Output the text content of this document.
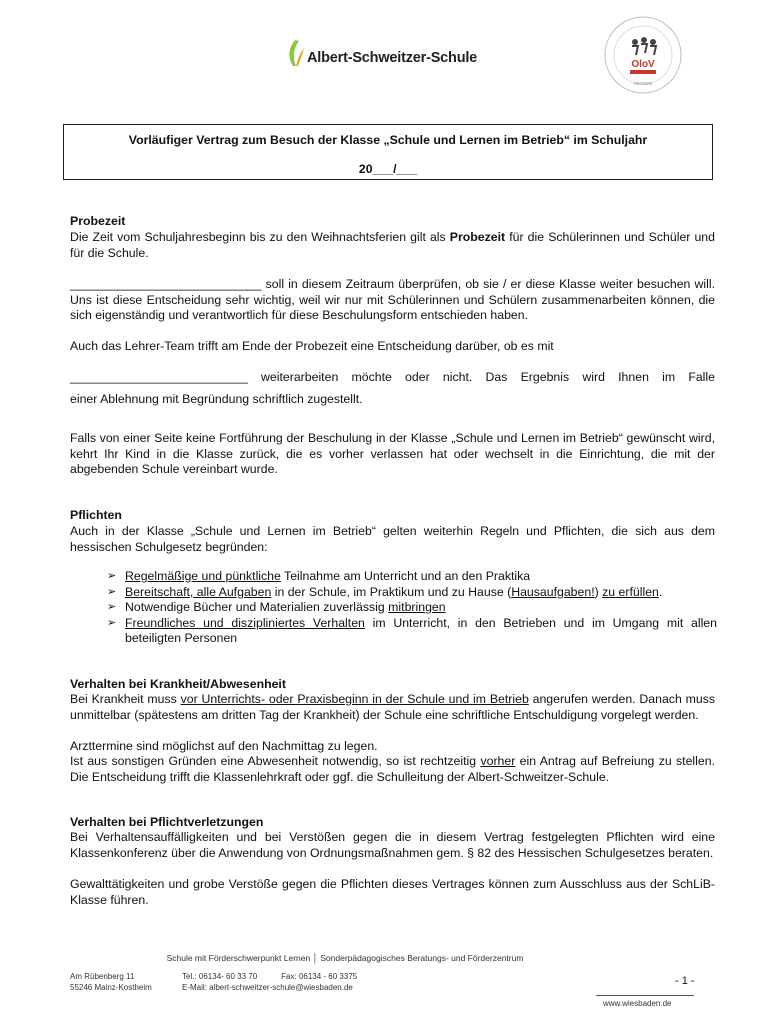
Albert-Schweitzer-Schule	OloV
HESSEN
Vorläufiger Vertrag zum Besuch der Klasse „Schule und Lernen im Betrieb“ im Schuljahr
20___/___
Probezeit
Die Zeit vom Schuljahresbeginn bis zu den Weihnachtsferien gilt als Probezeit für die Schülerinnen und Schüler und für die Schule.
____________________________ soll in diesem Zeitraum überprüfen, ob sie / er diese Klasse weiter besuchen will. Uns ist diese Entscheidung sehr wichtig, weil wir nur mit Schülerinnen und Schülern zusammenarbeiten können, die sich eigenständig und verantwortlich für diese Beschulungsform entschieden haben.
Auch das Lehrer-Team trifft am Ende der Probezeit eine Entscheidung darüber, ob es mit
__________________________ weiterarbeiten möchte oder nicht. Das Ergebnis wird Ihnen im Falle
einer Ablehnung mit Begründung schriftlich zugestellt.
Falls von einer Seite keine Fortführung der Beschulung in der Klasse „Schule und Lernen im Betrieb“ gewünscht wird, kehrt Ihr Kind in die Klasse zurück, die es vorher verlassen hat oder wechselt in die Einrichtung, die mit der abgebenden Schule vereinbart wurde.
Pflichten
Auch in der Klasse „Schule und Lernen im Betrieb“ gelten weiterhin Regeln und Pflichten, die sich aus dem hessischen Schulgesetz begründen:
➢ Regelmäßige und pünktliche Teilnahme am Unterricht und an den Praktika
➢ Bereitschaft, alle Aufgaben in der Schule, im Praktikum und zu Hause (Hausaufgaben!) zu erfüllen.
➢ Notwendige Bücher und Materialien zuverlässig mitbringen
➢ Freundliches und diszipliniertes Verhalten im Unterricht, in den Betrieben und im Umgang mit allen beteiligten Personen
Verhalten bei Krankheit/Abwesenheit
Bei Krankheit muss vor Unterrichts- oder Praxisbeginn in der Schule und im Betrieb angerufen werden. Danach muss unmittelbar (spätestens am dritten Tag der Krankheit) der Schule eine schriftliche Entschuldigung vorgelegt werden.
Arzttermine sind möglichst auf den Nachmittag zu legen.
Ist aus sonstigen Gründen eine Abwesenheit notwendig, so ist rechtzeitig vorher ein Antrag auf Befreiung zu stellen. Die Entscheidung trifft die Klassenlehrkraft oder ggf. die Schulleitung der Albert-Schweitzer-Schule.
Verhalten bei Pflichtverletzungen
Bei Verhaltensauffälligkeiten und bei Verstößen gegen die in diesem Vertrag festgelegten Pflichten wird eine Klassenkonferenz über die Anwendung von Ordnungsmaßnahmen gem. § 82 des Hessischen Schulgesetzes beraten.
Gewalttätigkeiten und grobe Verstöße gegen die Pflichten dieses Vertrages können zum Ausschluss aus der SchLiB- Klasse führen.
Schule mit Förderschwerpunkt Lernen │ Sonderpädagogisches Beratungs- und Förderzentrum
Am Rübenberg 11
55246 Mainz-Kostheim
Tel.: 06134- 60 33 70	Fax: 06134 - 60 3375
E-Mail: albert-schweitzer-schule@wiesbaden.de
- 1 -
www.wiesbaden.de
